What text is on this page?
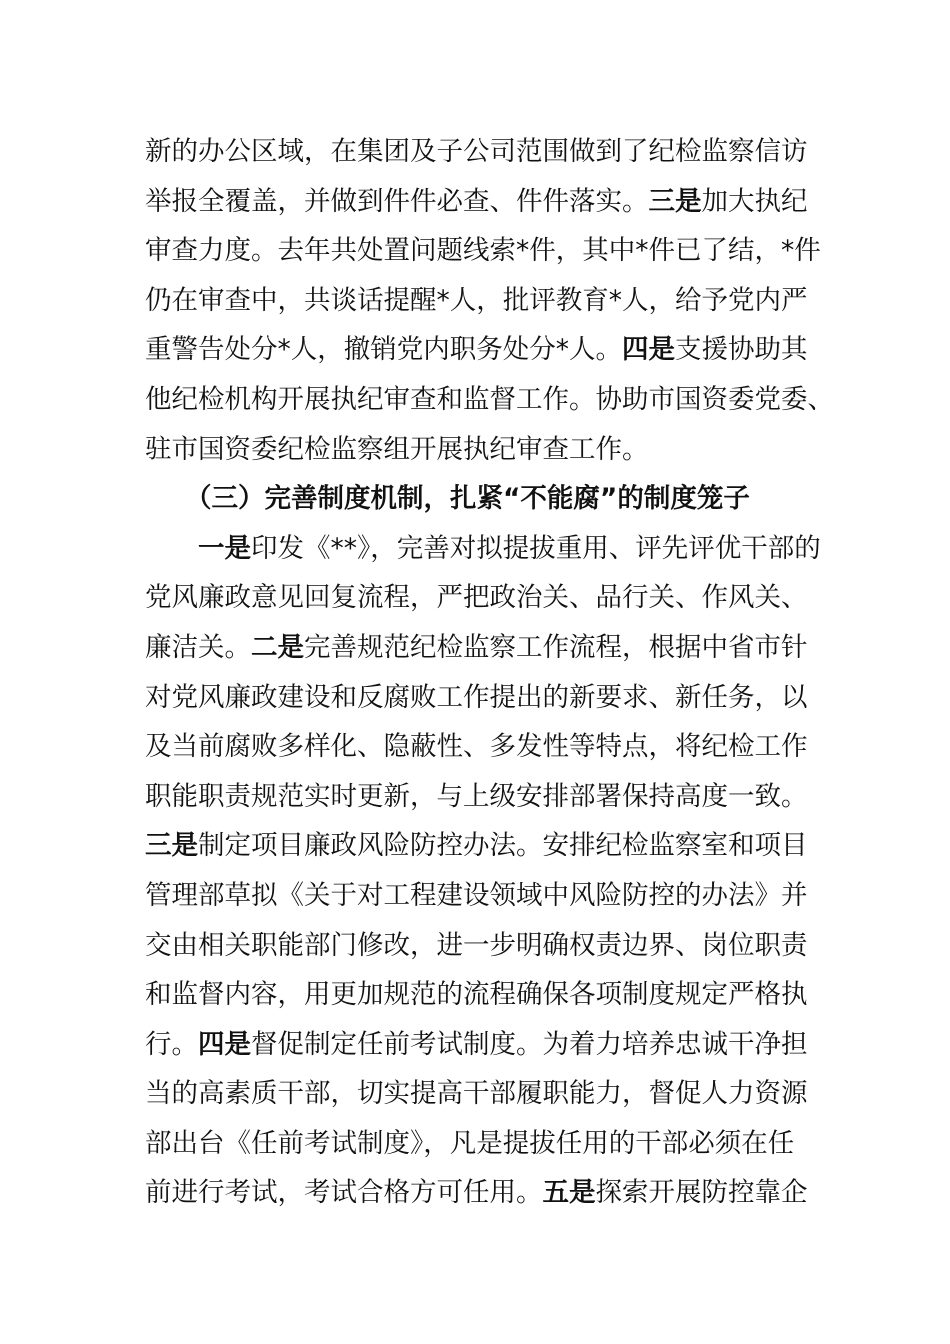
新的办公区域，在集团及子公司范围做到了纪检监察信访
举报全覆盖，并做到件件必查、件件落实。三是加大执纪
审查力度。去年共处置问题线索*件，其中*件已了结，*件
仍在审查中，共谈话提醒*人，批评教育*人，给予党内严
重警告处分*人，撤销党内职务处分*人。四是支援协助其
他纪检机构开展执纪审查和监督工作。协助市国资委党委、
驻市国资委纪检监察组开展执纪审查工作。
（三）完善制度机制，扎紧“不能腐”的制度笼子
一是印发《**》，完善对拟提拔重用、评先评优干部的
党风廉政意见回复流程，严把政治关、品行关、作风关、
廉洁关。二是完善规范纪检监察工作流程，根据中省市针
对党风廉政建设和反腐败工作提出的新要求、新任务，以
及当前腐败多样化、隐蔽性、多发性等特点，将纪检工作
职能职责规范实时更新，与上级安排部署保持高度一致。
三是制定项目廉政风险防控办法。安排纪检监察室和项目
管理部草拟《关于对工程建设领域中风险防控的办法》并
交由相关职能部门修改，进一步明确权责边界、岗位职责
和监督内容，用更加规范的流程确保各项制度规定严格执
行。四是督促制定任前考试制度。为着力培养忠诚干净担
当的高素质干部，切实提高干部履职能力，督促人力资源
部出台《任前考试制度》，凡是提拔任用的干部必须在任
前进行考试，考试合格方可任用。五是探索开展防控靠企
